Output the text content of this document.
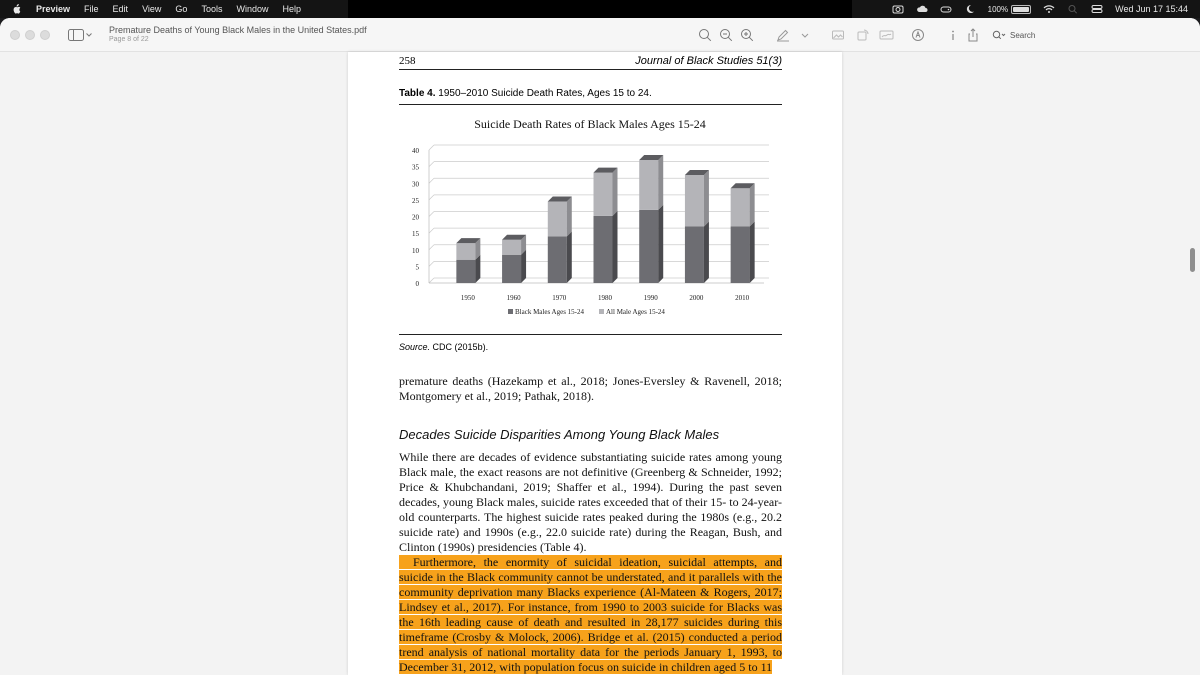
Preview File Edit View Go Tools Window Help	100%	Wed Jun 17 15:44
Premature Deaths of Young Black Males in the United States.pdf
Page 8 of 22	Search
258	Journal of Black Studies 51(3)
Table 4. 1950–2010 Suicide Death Rates, Ages 15 to 24.
Suicide Death Rates of Black Males Ages 15-24
0
5
10
15
20
25
30
35
40
1950	1960	1970	1980	1990	2000	2010
Black Males Ages 15-24	All Male Ages 15-24
Source. CDC (2015b).
premature deaths (Hazekamp et al., 2018; Jones-Eversley & Ravenell, 2018; Montgomery et al., 2019; Pathak, 2018).
Decades Suicide Disparities Among Young Black Males
While there are decades of evidence substantiating suicide rates among young Black male, the exact reasons are not definitive (Greenberg & Schneider, 1992; Price & Khubchandani, 2019; Shaffer et al., 1994). During the past seven decades, young Black males, suicide rates exceeded that of their 15- to 24-year-old counterparts. The highest suicide rates peaked during the 1980s (e.g., 20.2 suicide rate) and 1990s (e.g., 22.0 suicide rate) during the Reagan, Bush, and Clinton (1990s) presidencies (Table 4).
Furthermore, the enormity of suicidal ideation, suicidal attempts, and suicide in the Black community cannot be understated, and it parallels with the community deprivation many Blacks experience (Al-Mateen & Rogers, 2017; Lindsey et al., 2017). For instance, from 1990 to 2003 suicide for Blacks was the 16th leading cause of death and resulted in 28,177 suicides during this timeframe (Crosby & Molock, 2006). Bridge et al. (2015) conducted a period trend analysis of national mortality data for the periods January 1, 1993, to December 31, 2012, with population focus on suicide in children aged 5 to 11
